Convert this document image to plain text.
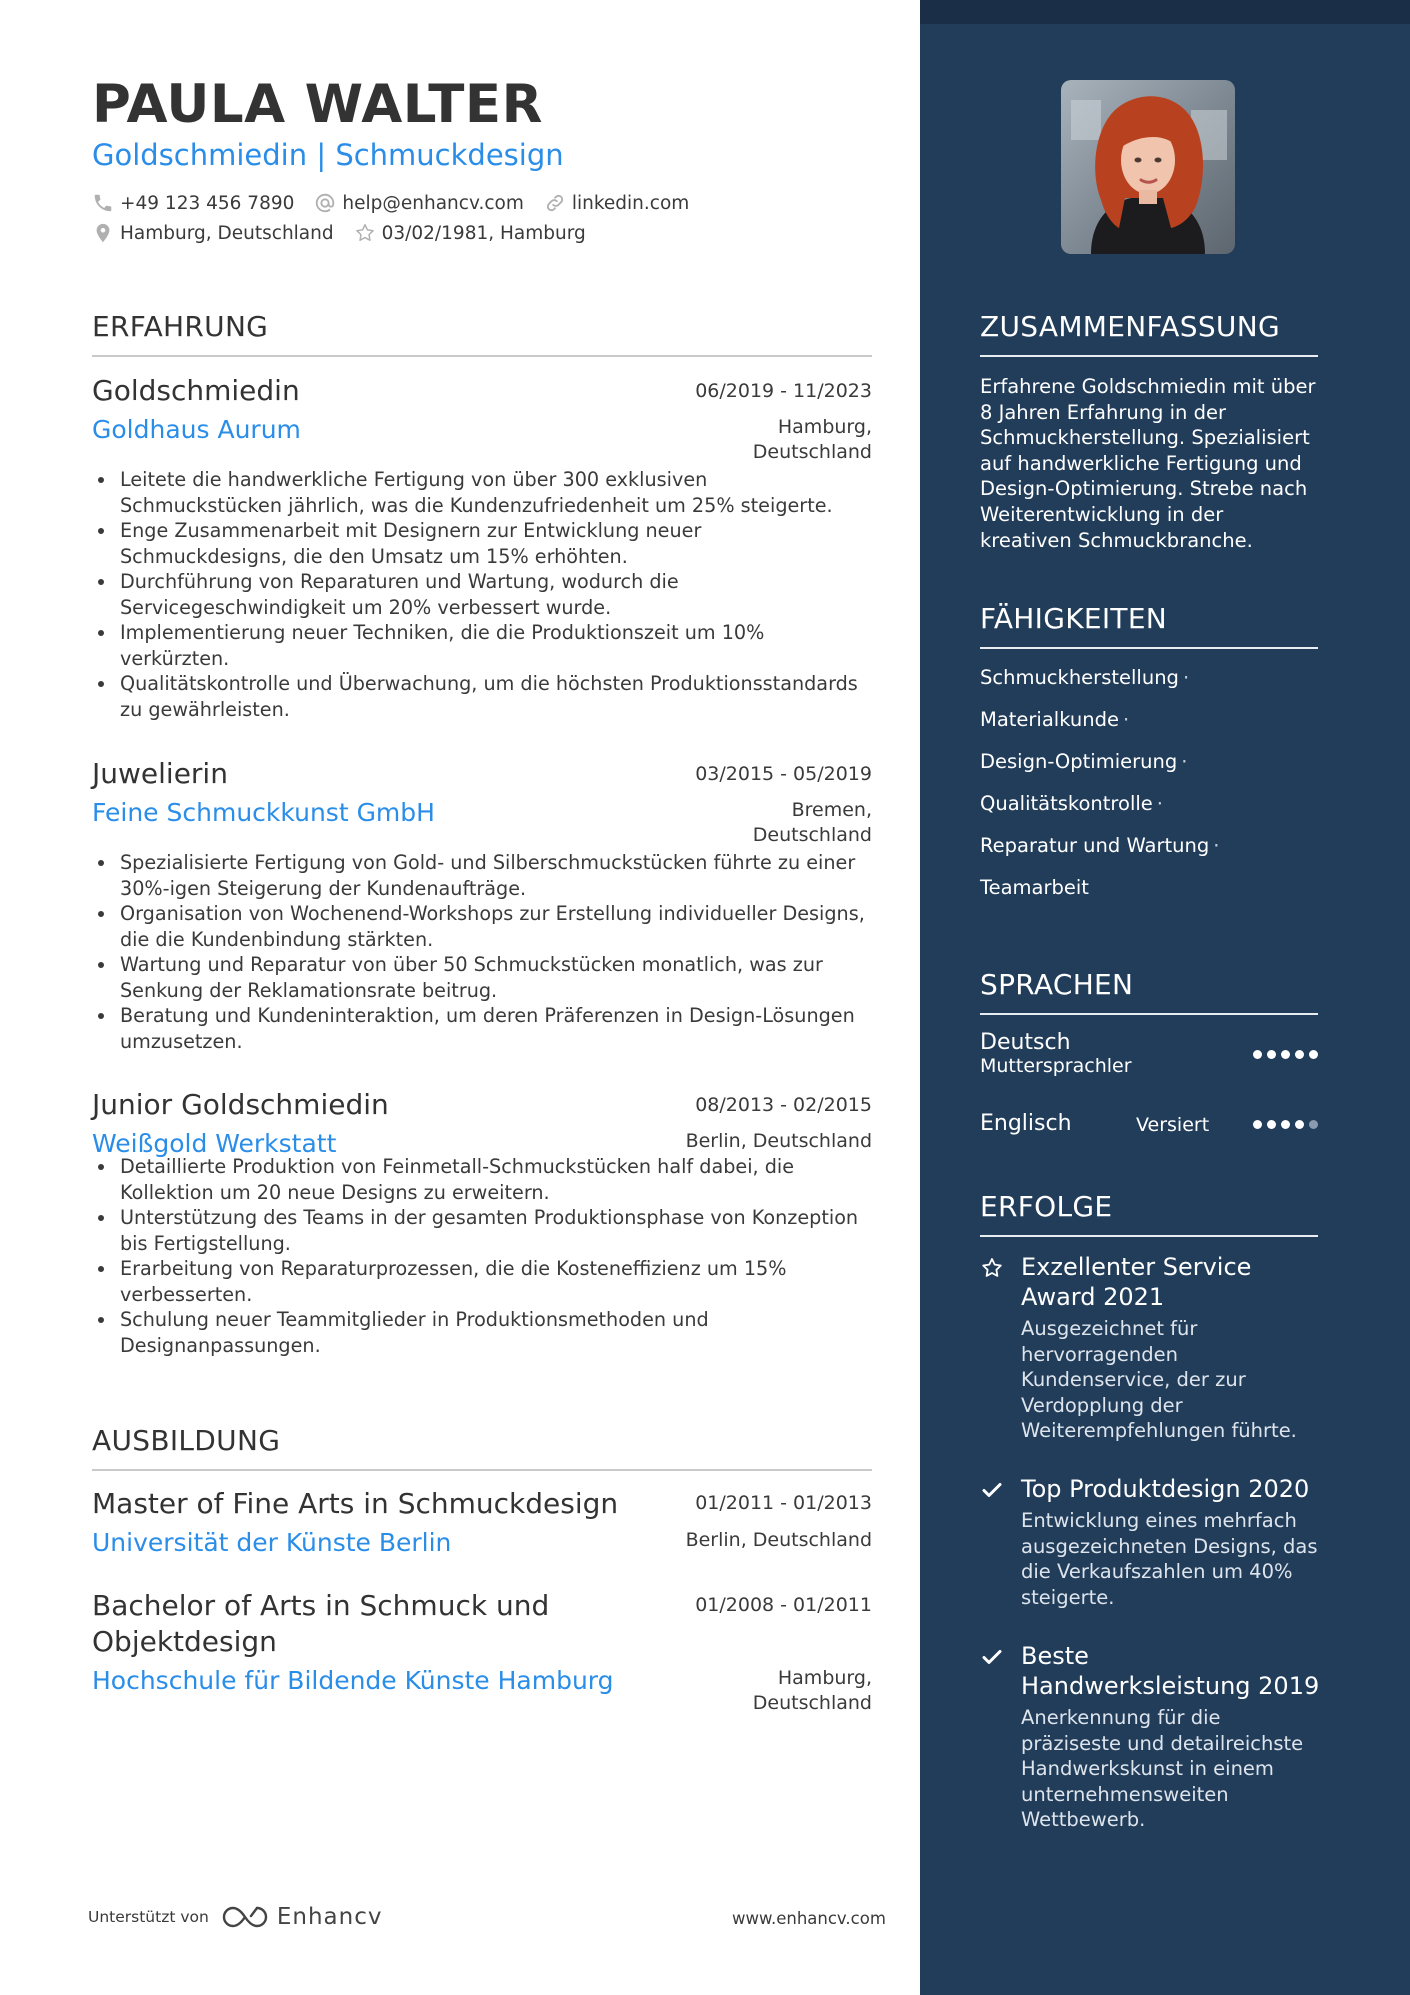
PAULA WALTER
Goldschmiedin | Schmuckdesign
+49 123 456 7890	help@enhancv.com	linkedin.com
Hamburg, Deutschland	03/02/1981, Hamburg
ERFAHRUNG
Goldschmiedin	06/2019 - 11/2023
Goldhaus Aurum	Hamburg,
Deutschland
Leitete die handwerkliche Fertigung von über 300 exklusiven Schmuckstücken jährlich, was die Kundenzufriedenheit um 25% steigerte.
Enge Zusammenarbeit mit Designern zur Entwicklung neuer Schmuckdesigns, die den Umsatz um 15% erhöhten.
Durchführung von Reparaturen und Wartung, wodurch die Servicegeschwindigkeit um 20% verbessert wurde.
Implementierung neuer Techniken, die die Produktionszeit um 10% verkürzten.
Qualitätskontrolle und Überwachung, um die höchsten Produktionsstandards zu gewährleisten.
Juwelierin	03/2015 - 05/2019
Feine Schmuckkunst GmbH	Bremen,
Deutschland
Spezialisierte Fertigung von Gold- und Silberschmuckstücken führte zu einer 30%-igen Steigerung der Kundenaufträge.
Organisation von Wochenend-Workshops zur Erstellung individueller Designs, die die Kundenbindung stärkten.
Wartung und Reparatur von über 50 Schmuckstücken monatlich, was zur Senkung der Reklamationsrate beitrug.
Beratung und Kundeninteraktion, um deren Präferenzen in Design-Lösungen umzusetzen.
Junior Goldschmiedin	08/2013 - 02/2015
Weißgold Werkstatt	Berlin, Deutschland
Detaillierte Produktion von Feinmetall-Schmuckstücken half dabei, die Kollektion um 20 neue Designs zu erweitern.
Unterstützung des Teams in der gesamten Produktionsphase von Konzeption bis Fertigstellung.
Erarbeitung von Reparaturprozessen, die die Kosteneffizienz um 15% verbesserten.
Schulung neuer Teammitglieder in Produktionsmethoden und Designanpassungen.
AUSBILDUNG
Master of Fine Arts in Schmuckdesign	01/2011 - 01/2013
Universität der Künste Berlin	Berlin, Deutschland
Bachelor of Arts in Schmuck und Objektdesign
01/2008 - 01/2011
Hochschule für Bildende Künste Hamburg	Hamburg,
Deutschland
Unterstützt von	Enhancv	www.enhancv.com
ZUSAMMENFASSUNG
Erfahrene Goldschmiedin mit über 8 Jahren Erfahrung in der Schmuckherstellung. Spezialisiert auf handwerkliche Fertigung und Design-Optimierung. Strebe nach Weiterentwicklung in der kreativen Schmuckbranche.
FÄHIGKEITEN
Schmuckherstellung ·
Materialkunde ·
Design-Optimierung ·
Qualitätskontrolle ·
Reparatur und Wartung ·
Teamarbeit
SPRACHEN
Deutsch
Muttersprachler
Englisch	Versiert
ERFOLGE
Exzellenter Service Award 2021
Ausgezeichnet für hervorragenden Kundenservice, der zur Verdopplung der Weiterempfehlungen führte.
Top Produktdesign 2020
Entwicklung eines mehrfach ausgezeichneten Designs, das die Verkaufszahlen um 40% steigerte.
Beste Handwerksleistung 2019
Anerkennung für die präziseste und detailreichste Handwerkskunst in einem unternehmensweiten Wettbewerb.
